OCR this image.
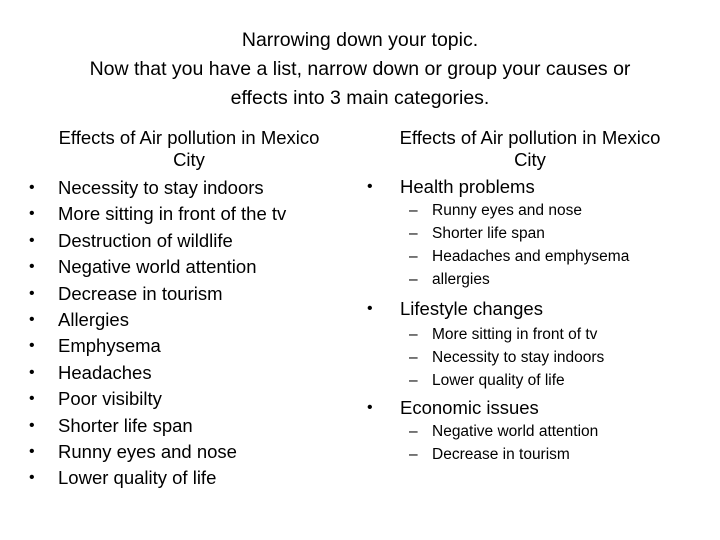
Narrowing down your topic.
Now that you have a list, narrow down or group your causes or
effects into 3 main categories.
Effects of Air pollution in Mexico
City
• Necessity to stay indoors
• More sitting in front of the tv
• Destruction of wildlife
• Negative world attention
• Decrease in tourism
• Allergies
• Emphysema
• Headaches
• Poor visibilty
• Shorter life span
• Runny eyes and nose
• Lower quality of life
Effects of Air pollution in Mexico
City
• Health problems
– Runny eyes and nose
– Shorter life span
– Headaches and emphysema
– allergies
• Lifestyle changes
– More sitting in front of tv
– Necessity to stay indoors
– Lower quality of life
• Economic issues
– Negative world attention
– Decrease in tourism
